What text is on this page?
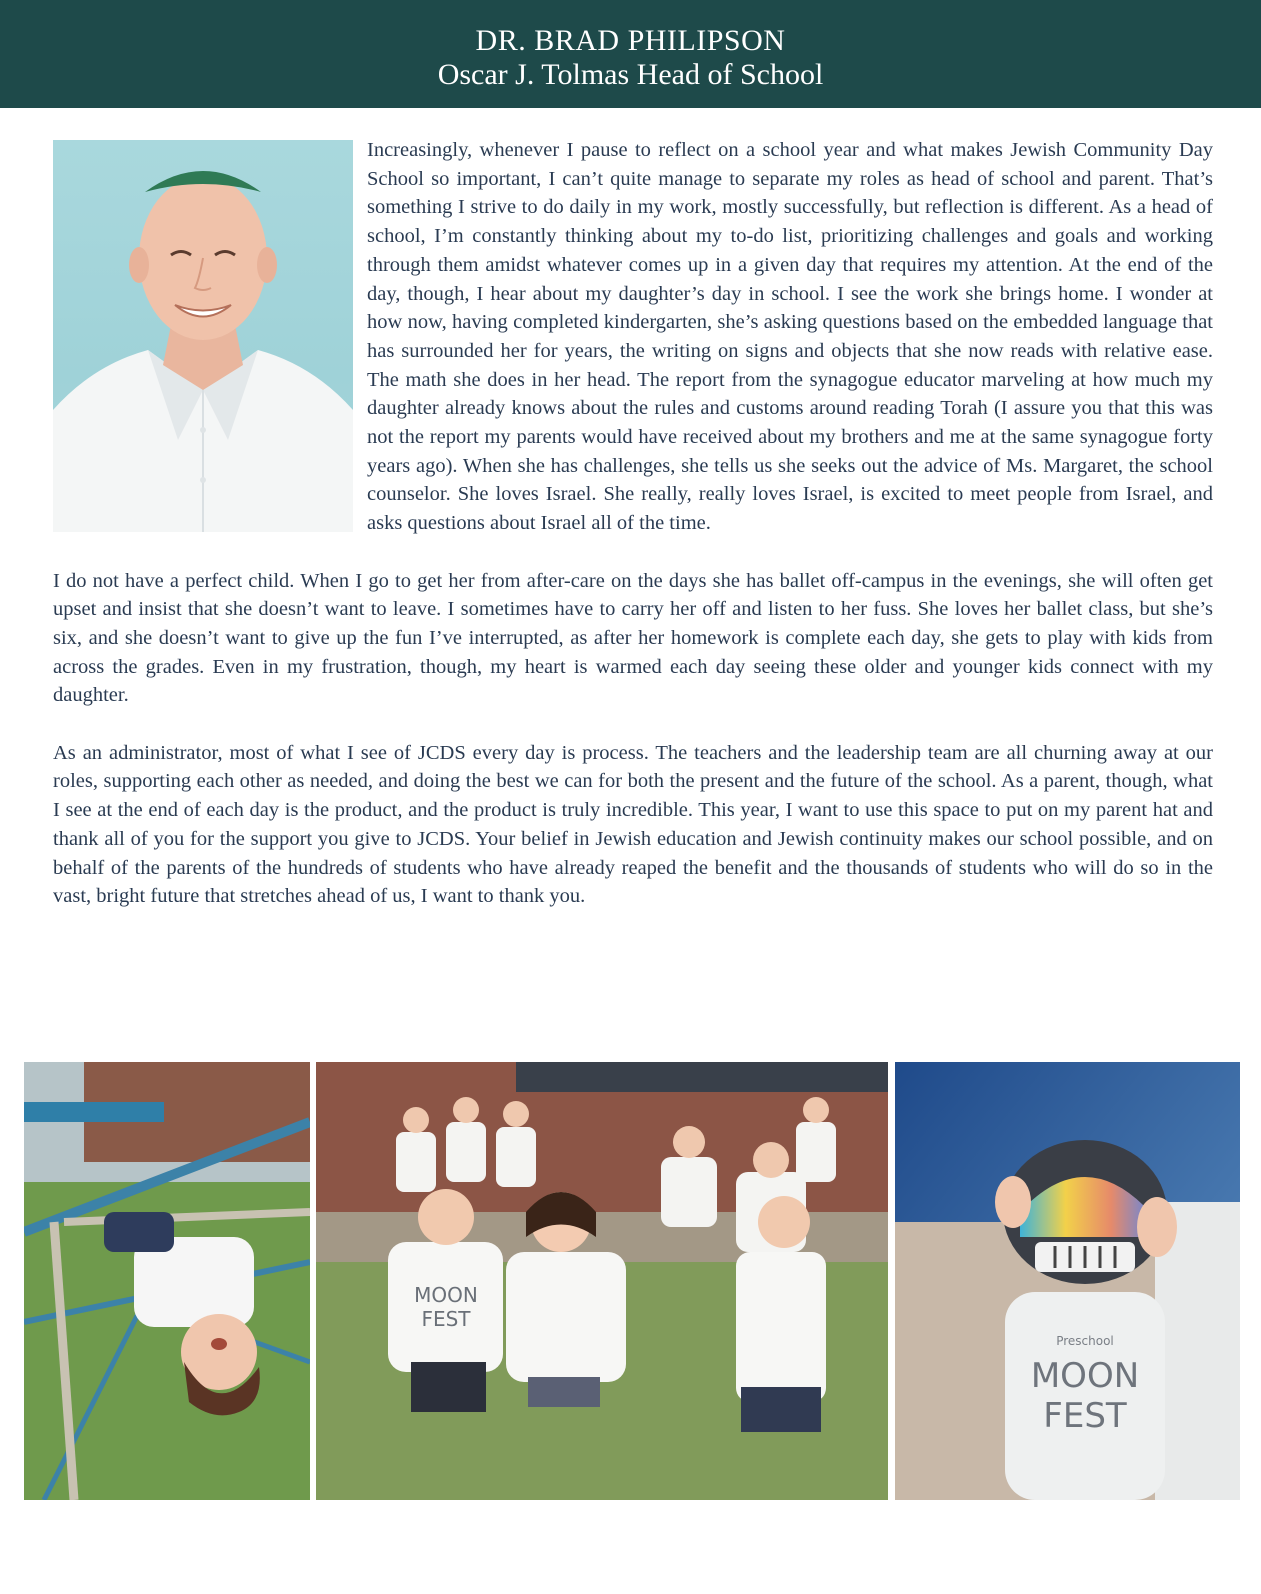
DR. BRAD PHILIPSON
Oscar J. Tolmas Head of School

Increasingly, whenever I pause to reflect on a school year and what makes Jewish Community Day School so important, I can’t quite manage to separate my roles as head of school and parent. That’s something I strive to do daily in my work, mostly successfully, but reflection is different. As a head of school, I’m constantly thinking about my to-do list, prioritizing challenges and goals and working through them amidst whatever comes up in a given day that requires my attention. At the end of the day, though, I hear about my daughter’s day in school. I see the work she brings home. I wonder at how now, having completed kindergarten, she’s asking questions based on the embedded language that has surrounded her for years, the writing on signs and objects that she now reads with relative ease. The math she does in her head. The report from the synagogue educator marveling at how much my daughter already knows about the rules and customs around reading Torah (I assure you that this was not the report my parents would have received about my brothers and me at the same synagogue forty years ago). When she has challenges, she tells us she seeks out the advice of Ms. Margaret, the school counselor. She loves Israel. She really, really loves Israel, is excited to meet people from Israel, and asks questions about Israel all of the time.

I do not have a perfect child. When I go to get her from after-care on the days she has ballet off-campus in the evenings, she will often get upset and insist that she doesn’t want to leave. I sometimes have to carry her off and listen to her fuss. She loves her ballet class, but she’s six, and she doesn’t want to give up the fun I’ve interrupted, as after her homework is complete each day, she gets to play with kids from across the grades. Even in my frustration, though, my heart is warmed each day seeing these older and younger kids connect with my daughter.

As an administrator, most of what I see of JCDS every day is process. The teachers and the leadership team are all churning away at our roles, supporting each other as needed, and doing the best we can for both the present and the future of the school. As a parent, though, what I see at the end of each day is the product, and the product is truly incredible. This year, I want to use this space to put on my parent hat and thank all of you for the support you give to JCDS. Your belief in Jewish education and Jewish continuity makes our school possible, and on behalf of the parents of the hundreds of students who have already reaped the benefit and the thousands of students who will do so in the vast, bright future that stretches ahead of us, I want to thank you.

MOON
FEST
Preschool
MOON
FEST
